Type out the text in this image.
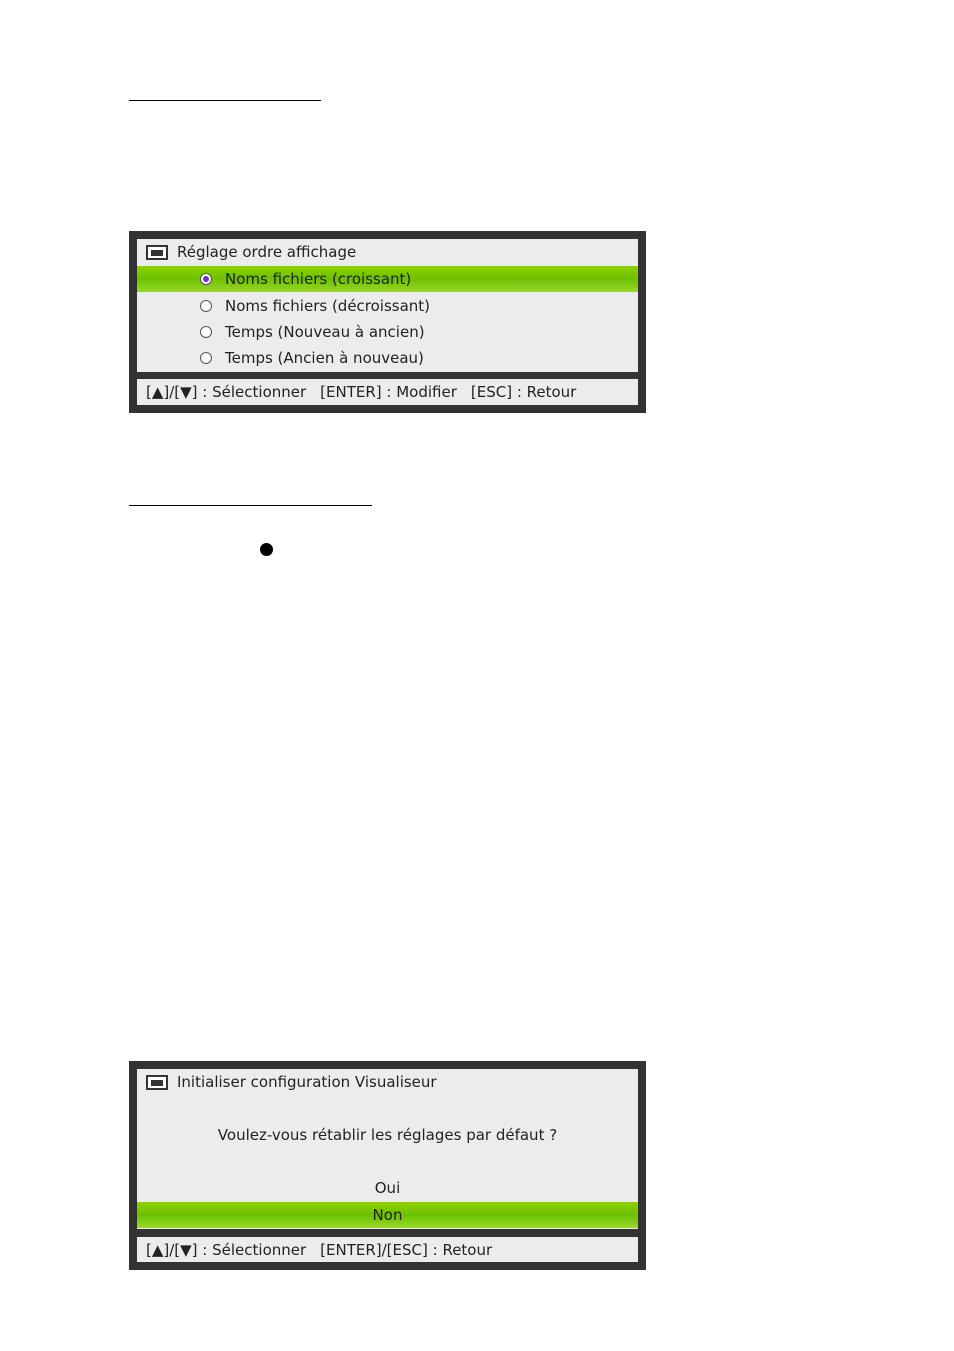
Réglage ordre affichage
Noms fichiers (croissant)
Noms fichiers (décroissant)
Temps (Nouveau à ancien)
Temps (Ancien à nouveau)
[▲]/[▼] : Sélectionner [ENTER] : Modifier [ESC] : Retour
Initialiser configuration Visualiseur
Voulez-vous rétablir les réglages par défaut ?
Oui
Non
[▲]/[▼] : Sélectionner [ENTER]/[ESC] : Retour
